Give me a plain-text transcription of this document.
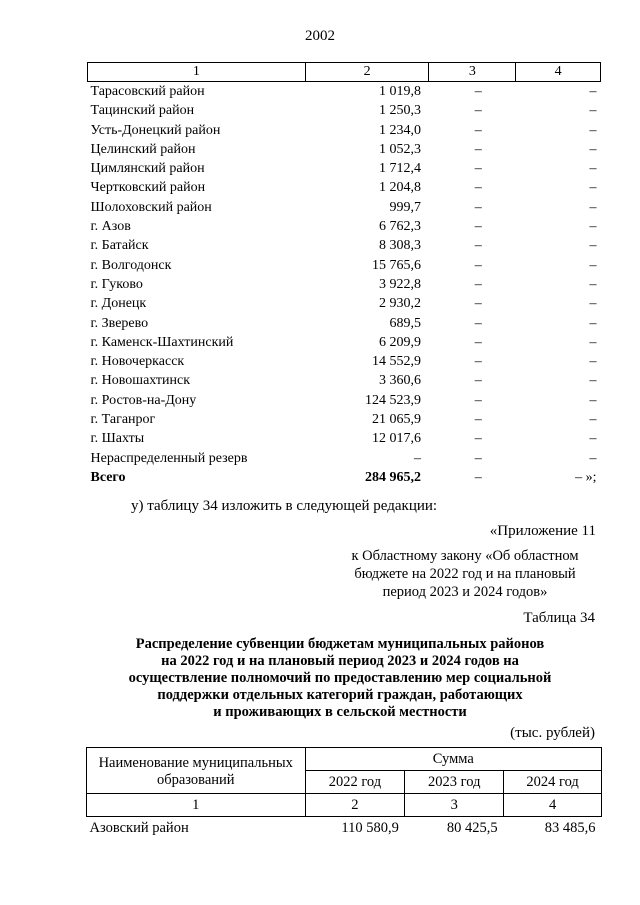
2002
1	2	3	4
Тарасовский район	1 019,8	–	–
Тацинский район	1 250,3	–	–
Усть-Донецкий район	1 234,0	–	–
Целинский район	1 052,3	–	–
Цимлянский район	1 712,4	–	–
Чертковский район	1 204,8	–	–
Шолоховский район	999,7	–	–
г. Азов	6 762,3	–	–
г. Батайск	8 308,3	–	–
г. Волгодонск	15 765,6	–	–
г. Гуково	3 922,8	–	–
г. Донецк	2 930,2	–	–
г. Зверево	689,5	–	–
г. Каменск-Шахтинский	6 209,9	–	–
г. Новочеркасск	14 552,9	–	–
г. Новошахтинск	3 360,6	–	–
г. Ростов-на-Дону	124 523,9	–	–
г. Таганрог	21 065,9	–	–
г. Шахты	12 017,6	–	–
Нераспределенный резерв	–	–	–
Всего	284 965,2	–	– »;
у) таблицу 34 изложить в следующей редакции:
«Приложение 11
к Областному закону «Об областном
бюджете на 2022 год и на плановый
период 2023 и 2024 годов»
Таблица 34
Распределение субвенции бюджетам муниципальных районов
на 2022 год и на плановый период 2023 и 2024 годов на
осуществление полномочий по предоставлению мер социальной
поддержки отдельных категорий граждан, работающих
и проживающих в сельской местности
(тыс. рублей)
Наименование муниципальных
образований	Сумма		
	2022 год	2023 год	2024 год
1	2	3	4
Азовский район	110 580,9	80 425,5	83 485,6
